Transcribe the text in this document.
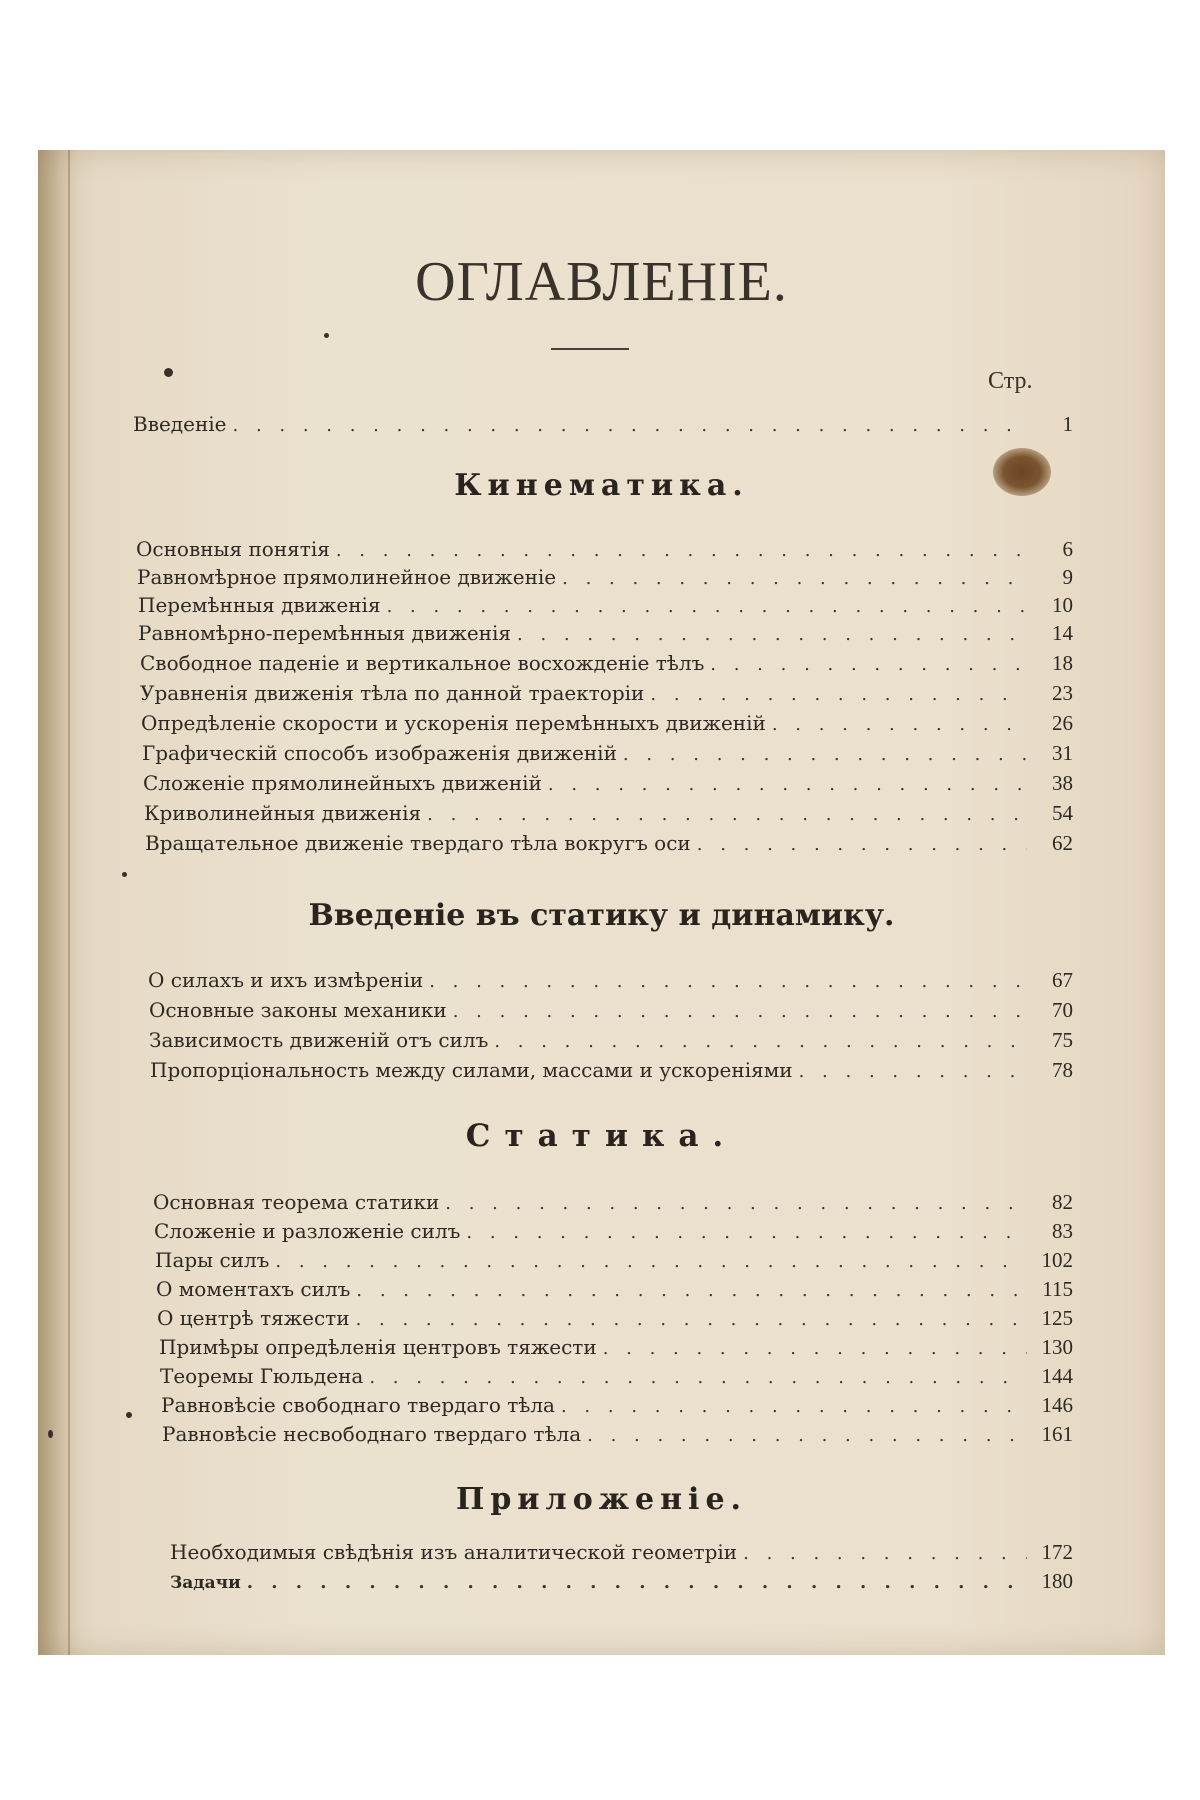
ОГЛАВЛЕНІЕ.
Стр.
Введеніе . . .	1
Кинематика.
Основныя понятія . . .	6
Равномѣрное прямолинейное движеніе . . .	9
Перемѣнныя движенія . . .	10
Равномѣрно-перемѣнныя движенія . . .	14
Свободное паденіе и вертикальное восхожденіе тѣлъ . . .	18
Уравненія движенія тѣла по данной траекторіи . . .	23
Опредѣленіе скорости и ускоренія перемѣнныхъ движеній . . .	26
Графическій способъ изображенія движеній . . .	31
Сложеніе прямолинейныхъ движеній . . .	38
Криволинейныя движенія . . .	54
Вращательное движеніе твердаго тѣла вокругъ оси . . .	62
Введеніе въ статику и динамику.
О силахъ и ихъ измѣреніи . . .	67
Основные законы механики . . .	70
Зависимость движеній отъ силъ . . .	75
Пропорціональность между силами, массами и ускореніями . . .	78
Статика.
Основная теорема статики . . .	82
Сложеніе и разложеніе силъ . . .	83
Пары силъ . . .	102
О моментахъ силъ . . .	115
О центрѣ тяжести . . .	125
Примѣры опредѣленія центровъ тяжести . . .	130
Теоремы Гюльдена . . .	144
Равновѣсіе свободнаго твердаго тѣла . . .	146
Равновѣсіе несвободнаго твердаго тѣла . . .	161
Приложеніе.
Необходимыя свѣдѣнія изъ аналитической геометріи . . .	172
Задачи . . .	180
